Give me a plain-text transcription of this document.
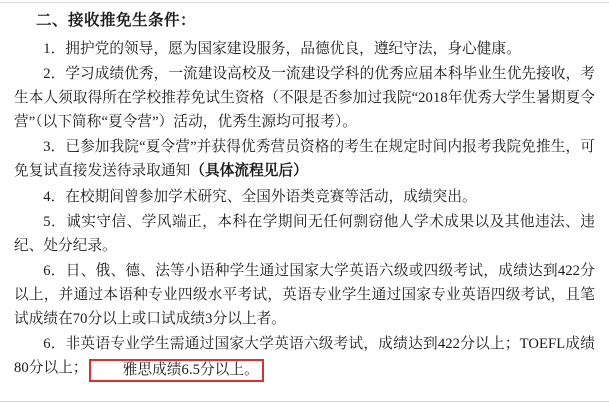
二、接收推免生条件：

1．拥护党的领导，愿为国家建设服务，品德优良，遵纪守法，身心健康。

2．学习成绩优秀，一流建设高校及一流建设学科的优秀应届本科毕业生优先接收，考生本人须取得所在学校推荐免试生资格（不限是否参加过我院“2018年优秀大学生暑期夏令营”（以下简称“夏令营”）活动，优秀生源均可报考）。

3．已参加我院“夏令营”并获得优秀营员资格的考生在规定时间内报考我院免推生，可免复试直接发送待录取通知（具体流程见后）

4．在校期间曾参加学术研究、全国外语类竞赛等活动，成绩突出。

5．诚实守信、学风端正，本科在学期间无任何剽窃他人学术成果以及其他违法、违纪、处分纪录。

6．日、俄、德、法等小语种学生通过国家大学英语六级或四级考试，成绩达到422分以上，并通过本语种专业四级水平考试，英语专业学生通过国家专业英语四级考试，且笔试成绩在70分以上或口试成绩3分以上者。

6．非英语专业学生需通过国家大学英语六级考试，成绩达到422分以上；TOEFL成绩80分以上； 雅思成绩6.5分以上。
